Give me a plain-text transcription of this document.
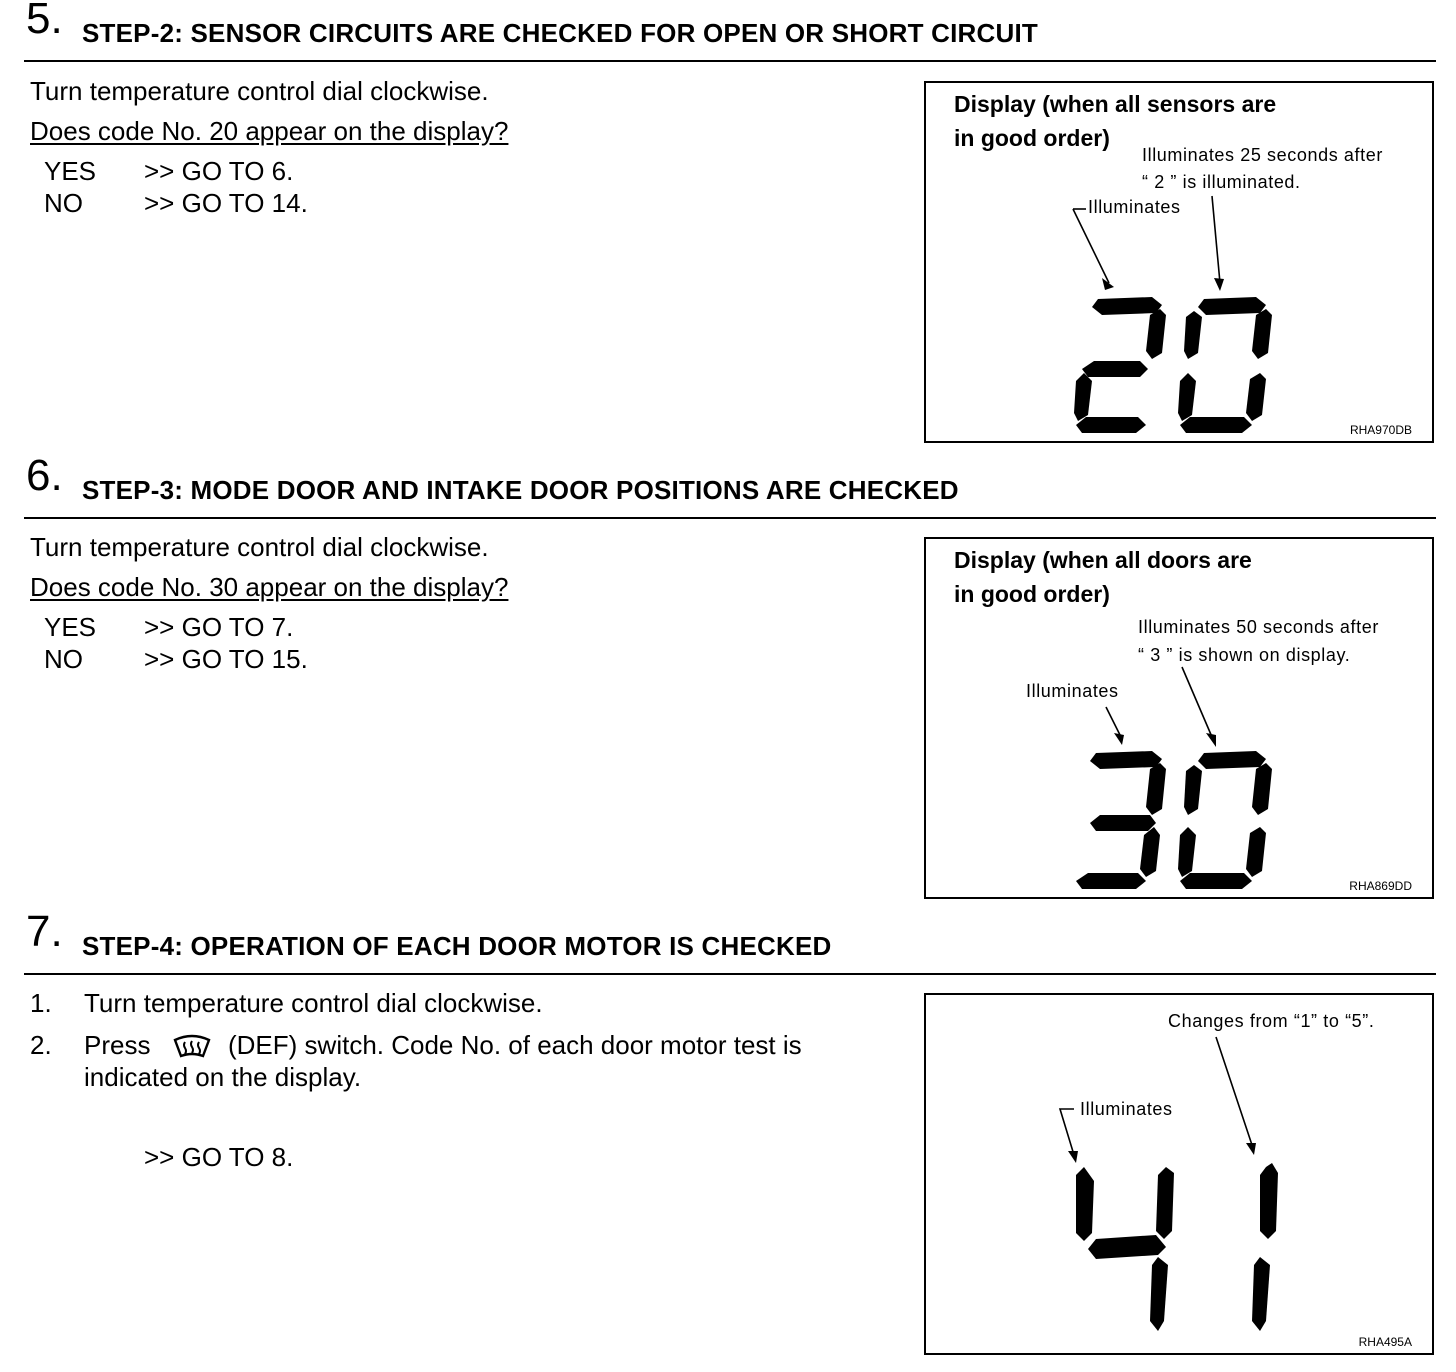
5. STEP-2: SENSOR CIRCUITS ARE CHECKED FOR OPEN OR SHORT CIRCUIT
Turn temperature control dial clockwise.
Does code No. 20 appear on the display?
YES >> GO TO 6.
NO >> GO TO 14.
Display (when all sensors are
in good order)
Illuminates 25 seconds after
“ 2 ” is illuminated.
Illuminates
RHA970DB
6. STEP-3: MODE DOOR AND INTAKE DOOR POSITIONS ARE CHECKED
Turn temperature control dial clockwise.
Does code No. 30 appear on the display?
YES >> GO TO 7.
NO >> GO TO 15.
Display (when all doors are
in good order)
Illuminates 50 seconds after
“ 3 ” is shown on display.
Illuminates
RHA869DD
7. STEP-4: OPERATION OF EACH DOOR MOTOR IS CHECKED
1. Turn temperature control dial clockwise.
2. Press	(DEF) switch. Code No. of each door motor test is
indicated on the display.
>> GO TO 8.
Changes from “1” to “5”.
Illuminates
RHA495A
